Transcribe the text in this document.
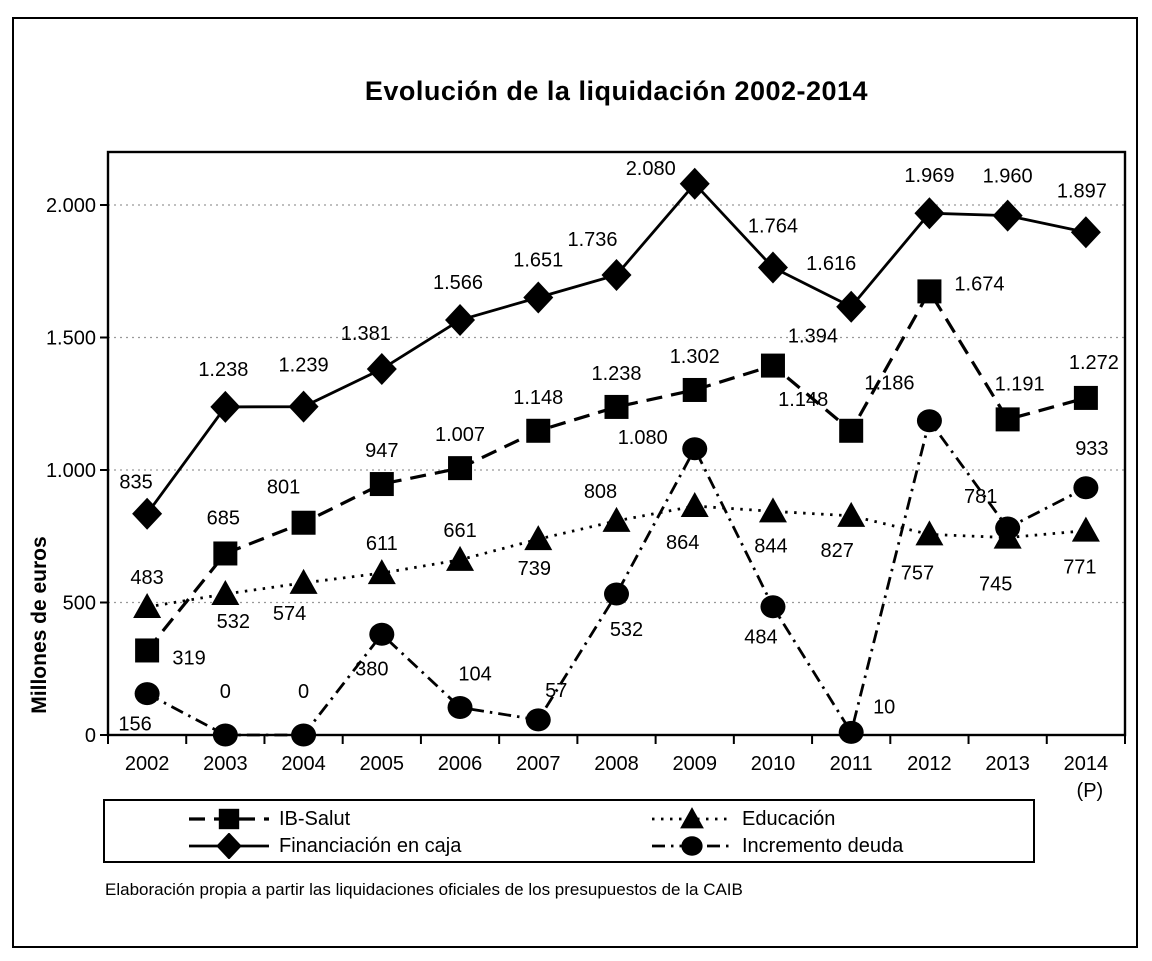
Evolución de la liquidación 2002-2014
0
500
1.000
1.500
2.000
2002 2003 2004 2005 2006 2007 2008 2009 2010 2011 2012 2013 2014
(P)
Millones de euros	319
685
801
947
1.007
1.148
1.238
1.302
1.394
1.148
1.674
1.191
1.272
483
532 574
611
661
739
808
864	844 827
757
745
771
835
1.238 1.239
1.381
1.566
1.651
1.736
2.080
1.764
1.616
1.969 1.960
1.897
156
0	0
380	104
57
532
1.080
484
10
1.186
781
933
IB-Salut	Educación
Financiación en caja	Incremento deuda
Elaboración propia a partir las liquidaciones oficiales de los presupuestos de la CAIB
